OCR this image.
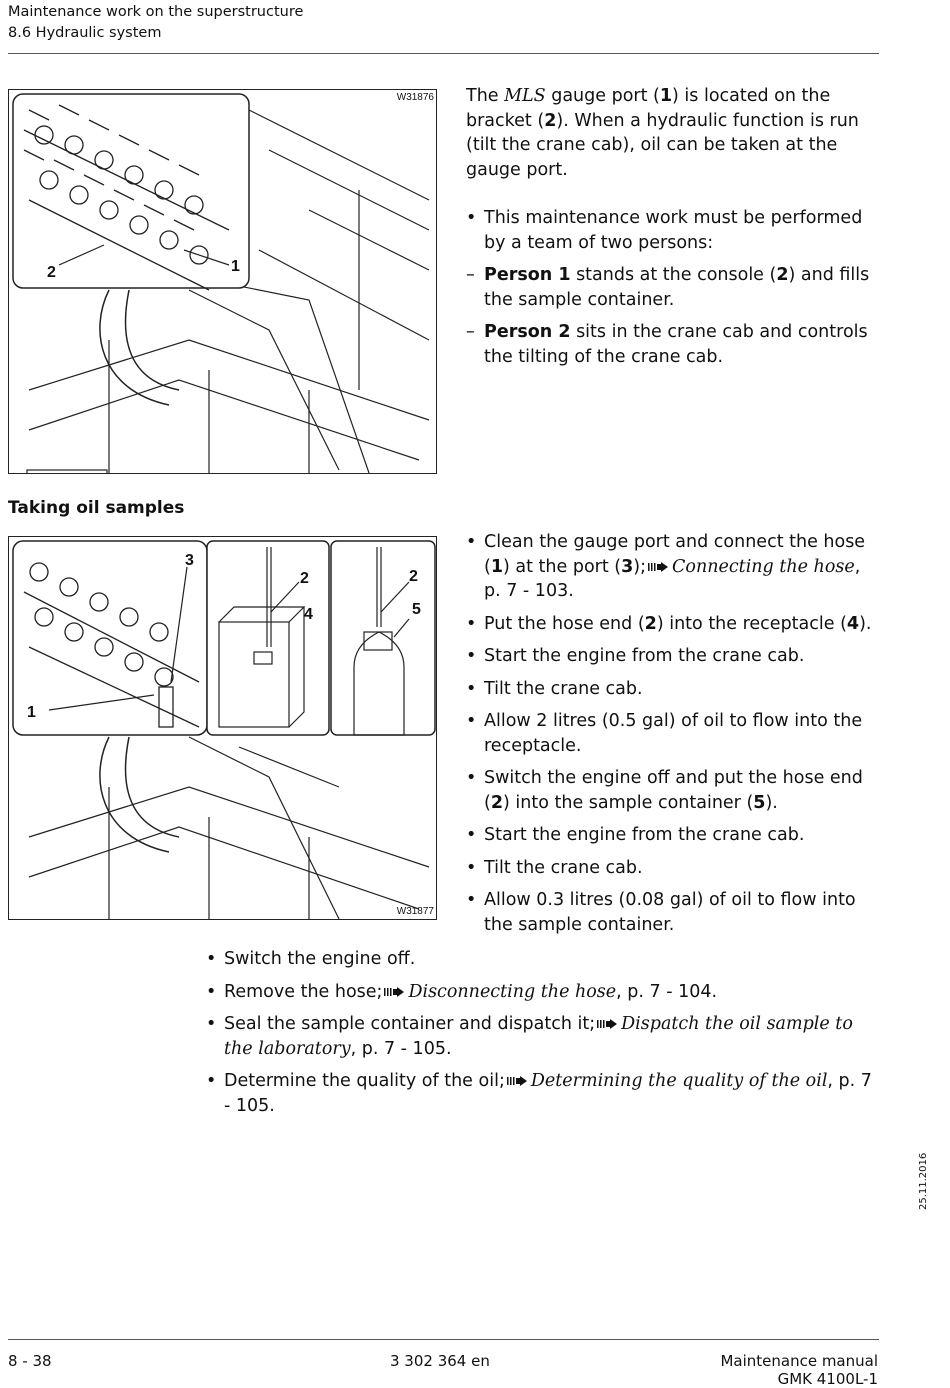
Maintenance work on the superstructure
8.6 Hydraulic system
2	1
W31876 The MLS gauge port (1) is located on the bracket (2). When a hydraulic function is run (tilt the crane cab), oil can be taken at the gauge port.

• This maintenance work must be performed by a team of two persons:
– Person 1 stands at the console (2) and fills the sample container.
– Person 2 sits in the crane cab and controls the tilting of the crane cab.
Taking oil samples
3
1
2
4
2
5
W31877
• Clean the gauge port and connect the hose (1) at the port (3); Connecting the hose, p. 7 - 103.
• Put the hose end (2) into the receptacle (4).
• Start the engine from the crane cab.
• Tilt the crane cab.
• Allow 2 litres (0.5 gal) of oil to flow into the receptacle.
• Switch the engine off and put the hose end (2) into the sample container (5).
• Start the engine from the crane cab.
• Tilt the crane cab.
• Allow 0.3 litres (0.08 gal) of oil to flow into the sample container.
• Switch the engine off.
• Remove the hose; Disconnecting the hose, p. 7 - 104.
• Seal the sample container and dispatch it; Dispatch the oil sample to the laboratory, p. 7 - 105.
• Determine the quality of the oil; Determining the quality of the oil, p. 7 - 105.
25.11.2016
8 - 38	3 302 364 en	Maintenance manual
GMK 4100L-1
